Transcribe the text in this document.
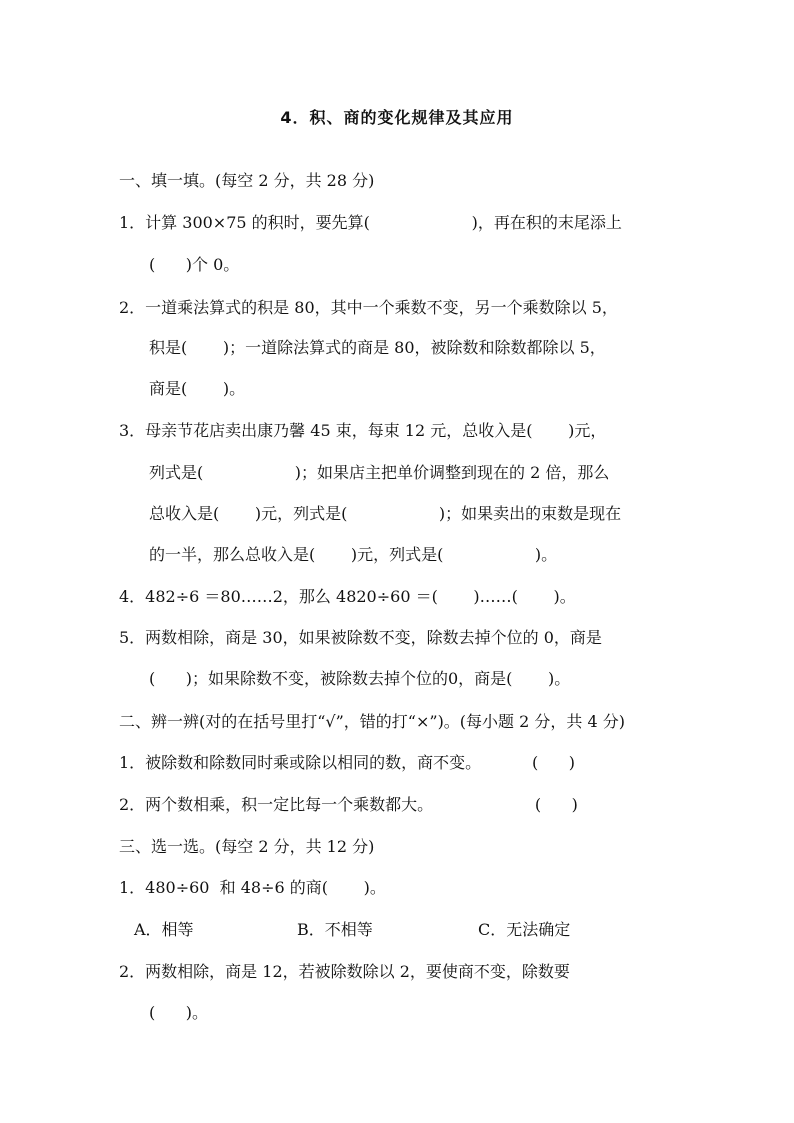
4．积、商的变化规律及其应用
一、填一填。(每空 2 分，共 28 分)
1．计算 300×75 的积时，要先算(                    )，再在积的末尾添上
(      )个 0。
2．一道乘法算式的积是 80，其中一个乘数不变，另一个乘数除以 5，
积是(       )；一道除法算式的商是 80，被除数和除数都除以 5，
商是(       )。
3．母亲节花店卖出康乃馨 45 束，每束 12 元，总收入是(       )元，
列式是(                  )；如果店主把单价调整到现在的 2 倍，那么
总收入是(       )元，列式是(                  )；如果卖出的束数是现在
的一半，那么总收入是(       )元，列式是(                  )。
4．482÷6 ＝80……2，那么 4820÷60 ＝(       )……(       )。
5．两数相除，商是 30，如果被除数不变，除数去掉个位的 0，商是
(      )；如果除数不变，被除数去掉个位的0，商是(       )。
二、辨一辨(对的在括号里打“√”，错的打“×”)。(每小题 2 分，共 4 分)
1．被除数和除数同时乘或除以相同的数，商不变。          (      )
2．两个数相乘，积一定比每一个乘数都大。                    (      )
三、选一选。(每空 2 分，共 12 分)
1．480÷60  和 48÷6 的商(       )。
A．相等	B．不相等	C．无法确定
2．两数相除，商是 12，若被除数除以 2，要使商不变，除数要
(      )。
